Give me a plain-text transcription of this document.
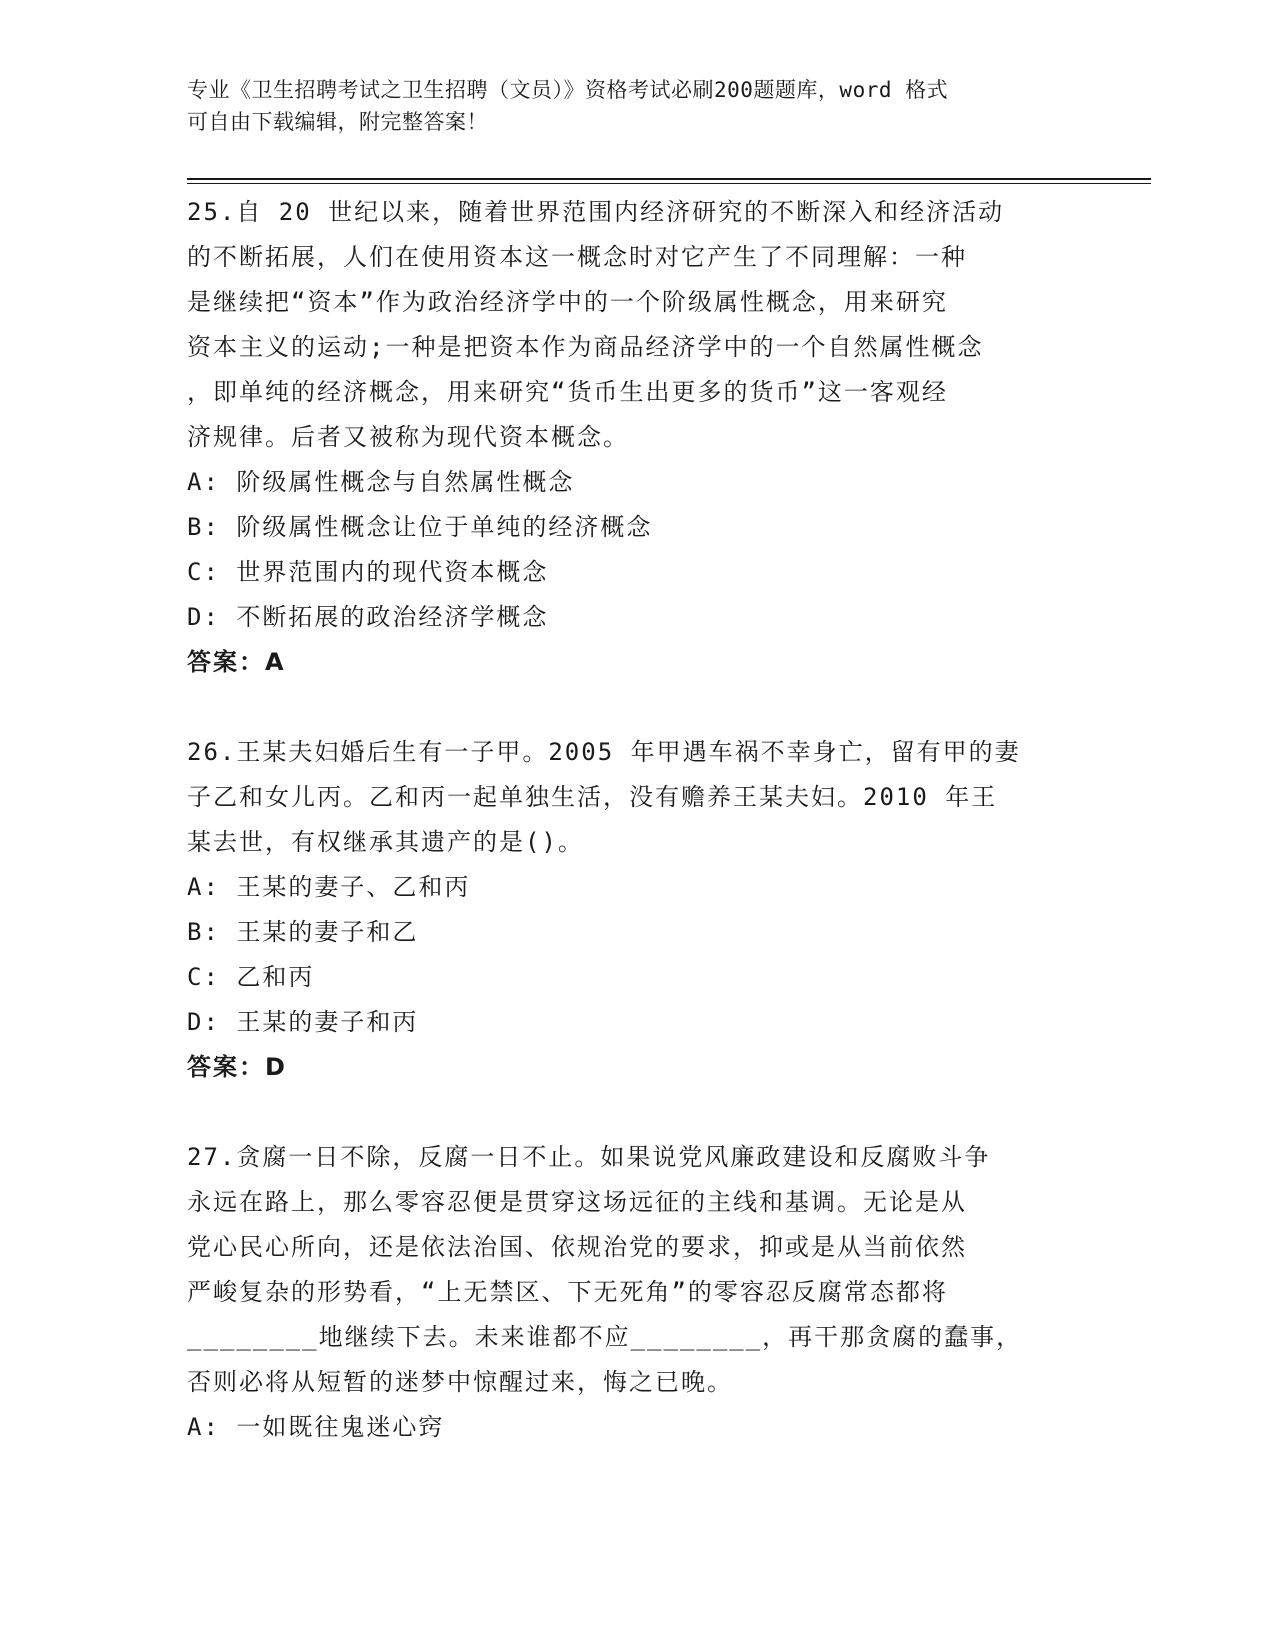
专业《卫生招聘考试之卫生招聘（文员）》资格考试必刷200题题库，word 格式
可自由下载编辑，附完整答案！
25.自 20 世纪以来，随着世界范围内经济研究的不断深入和经济活动
的不断拓展，人们在使用资本这一概念时对它产生了不同理解：一种
是继续把“资本”作为政治经济学中的一个阶级属性概念，用来研究
资本主义的运动;一种是把资本作为商品经济学中的一个自然属性概念
，即单纯的经济概念，用来研究“货币生出更多的货币”这一客观经
济规律。后者又被称为现代资本概念。
A: 阶级属性概念与自然属性概念
B: 阶级属性概念让位于单纯的经济概念
C: 世界范围内的现代资本概念
D: 不断拓展的政治经济学概念
答案：A
26.王某夫妇婚后生有一子甲。2005 年甲遇车祸不幸身亡，留有甲的妻
子乙和女儿丙。乙和丙一起单独生活，没有赡养王某夫妇。2010 年王
某去世，有权继承其遗产的是()。
A: 王某的妻子、乙和丙
B: 王某的妻子和乙
C: 乙和丙
D: 王某的妻子和丙
答案：D
27.贪腐一日不除，反腐一日不止。如果说党风廉政建设和反腐败斗争
永远在路上，那么零容忍便是贯穿这场远征的主线和基调。无论是从
党心民心所向，还是依法治国、依规治党的要求，抑或是从当前依然
严峻复杂的形势看，“上无禁区、下无死角”的零容忍反腐常态都将
________地继续下去。未来谁都不应________，再干那贪腐的蠢事，
否则必将从短暂的迷梦中惊醒过来，悔之已晚。
A: 一如既往鬼迷心窍
